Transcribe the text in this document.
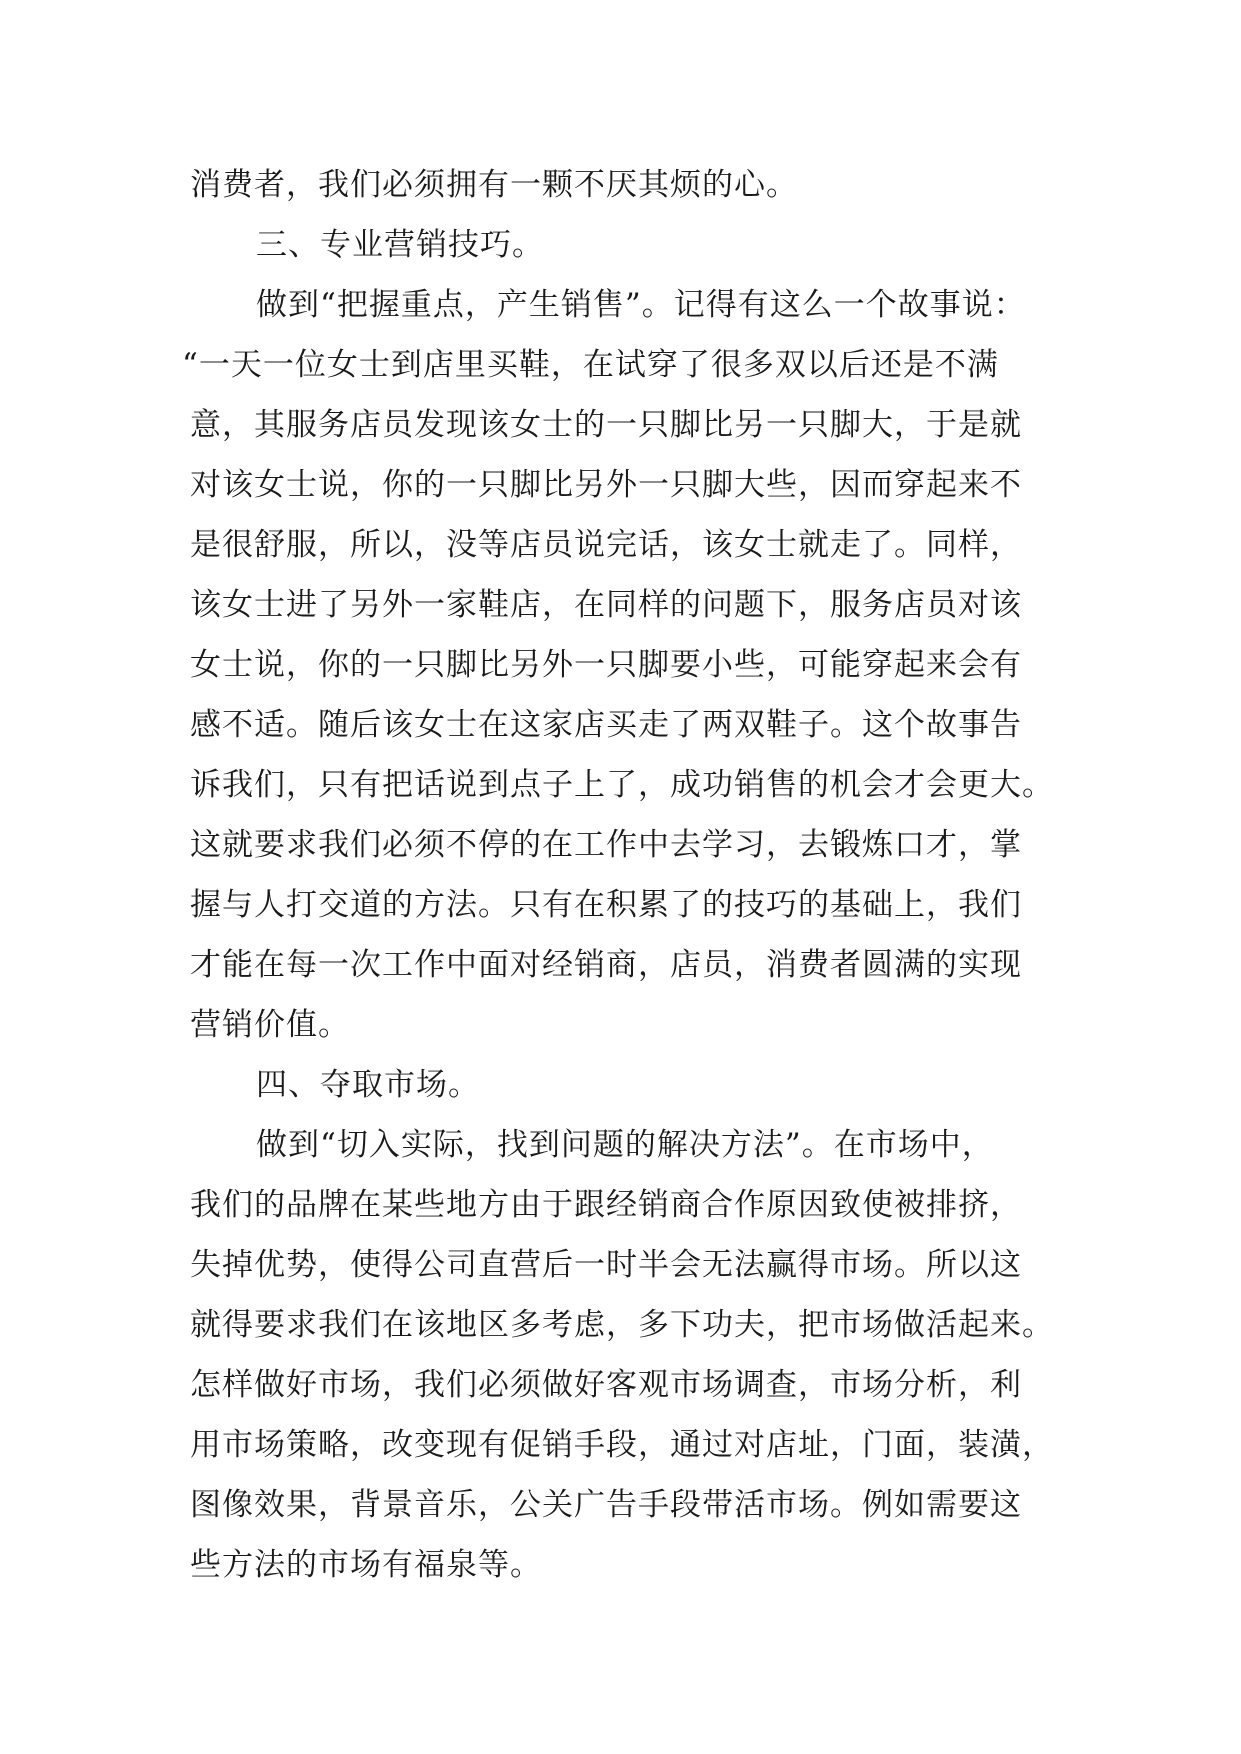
消费者，我们必须拥有一颗不厌其烦的心。
三、专业营销技巧。
做到“把握重点，产生销售”。记得有这么一个故事说：
“一天一位女士到店里买鞋，在试穿了很多双以后还是不满
意，其服务店员发现该女士的一只脚比另一只脚大，于是就
对该女士说，你的一只脚比另外一只脚大些，因而穿起来不
是很舒服，所以，没等店员说完话，该女士就走了。同样，
该女士进了另外一家鞋店，在同样的问题下，服务店员对该
女士说，你的一只脚比另外一只脚要小些，可能穿起来会有
感不适。随后该女士在这家店买走了两双鞋子。这个故事告
诉我们，只有把话说到点子上了，成功销售的机会才会更大。
这就要求我们必须不停的在工作中去学习，去锻炼口才，掌
握与人打交道的方法。只有在积累了的技巧的基础上，我们
才能在每一次工作中面对经销商，店员，消费者圆满的实现
营销价值。
四、夺取市场。
做到“切入实际，找到问题的解决方法”。在市场中，
我们的品牌在某些地方由于跟经销商合作原因致使被排挤，
失掉优势，使得公司直营后一时半会无法赢得市场。所以这
就得要求我们在该地区多考虑，多下功夫，把市场做活起来。
怎样做好市场，我们必须做好客观市场调查，市场分析，利
用市场策略，改变现有促销手段，通过对店址，门面，装潢，
图像效果，背景音乐，公关广告手段带活市场。例如需要这
些方法的市场有福泉等。
